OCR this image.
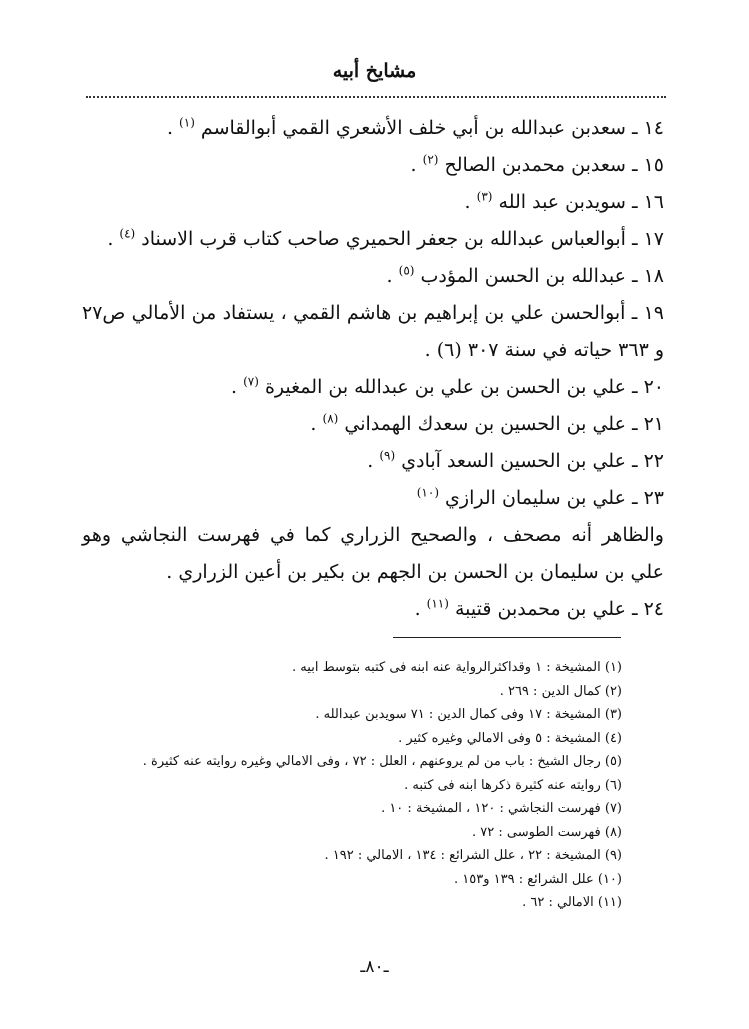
مشايخ أبيه
١٤ ـ سعدبن عبدالله بن أبي خلف الأشعري القمي أبوالقاسم $^{(١)}$ .
١٥ ـ سعدبن محمدبن الصالح $^{(٢)}$ .
١٦ ـ سويدبن عبد الله $^{(٣)}$ .
١٧ ـ أبوالعباس عبدالله بن جعفر الحميري صاحب كتاب قرب الاسناد $^{(٤)}$ .
١٨ ـ عبدالله بن الحسن المؤدب $^{(٥)}$ .
١٩ ـ أبوالحسن علي بن إبراهيم بن هاشم القمي ، يستفاد من الأمالي ص٢٧ و ٣٦٣ حياته في سنة ٣٠٧ (٦) .
٢٠ ـ علي بن الحسن بن علي بن عبدالله بن المغيرة $^{(٧)}$ .
٢١ ـ علي بن الحسين بن سعدك الهمداني $^{(٨)}$ .
٢٢ ـ علي بن الحسين السعد آبادي $^{(٩)}$ .
٢٣ ـ علي بن سليمان الرازي $^{(١٠)}$
والظاهر أنه مصحف ، والصحيح الزراري كما في فهرست النجاشي وهو علي بن سليمان بن الحسن بن الجهم بن بكير بن أعين الزراري .
٢٤ ـ علي بن محمدبن قتيبة $^{(١١)}$ .
(١) المشيخة : ١ وقداكثرالرواية عنه ابنه فى كتبه بتوسط ابيه .
(٢) كمال الدين : ٢٦٩ .
(٣) المشيخة : ١٧ وفى كمال الدين : ٧١ سويدبن عبدالله .
(٤) المشيخة : ٥ وفى الامالي وغيره كثير .
(٥) رجال الشيخ : باب من لم يروعنهم ، العلل : ٧٢ ، وفى الامالي وغيره روايته عنه كثيرة .
(٦) روايته عنه كثيرة ذكرها ابنه فى كتبه .
(٧) فهرست النجاشي : ١٢٠ ، المشيخة : ١٠ .
(٨) فهرست الطوسى : ٧٢ .
(٩) المشيخة : ٢٢ ، علل الشرائع : ١٣٤ ، الامالي : ١٩٢ .
(١٠) علل الشرائع : ١٣٩ و١٥٣ .
(١١) الامالي : ٦٢ .
ـ٨٠ـ
